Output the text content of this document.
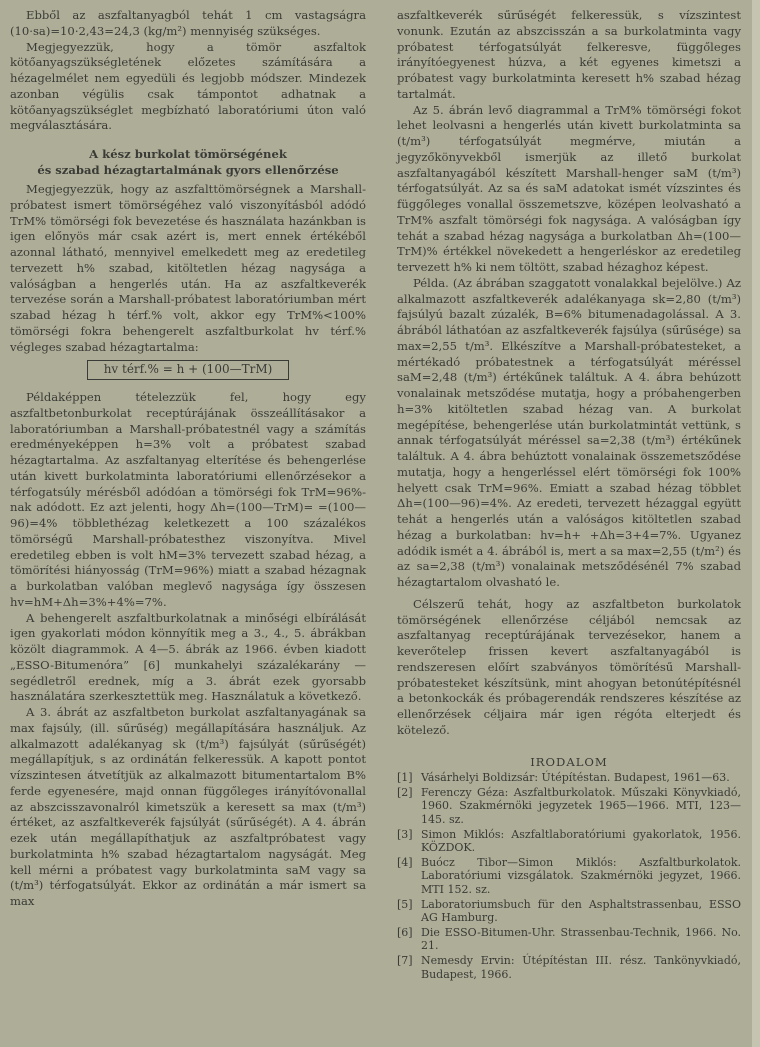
Ebből az aszfaltanyagból tehát 1 cm vastagságra (10·sa)=10·2,43=24,3 (kg/m²) mennyiség szükséges.

Megjegyezzük, hogy a tömör aszfaltok kötőanyagszükségletének előzetes számítására a hézagelmélet nem egyedüli és legjobb módszer. Mindezek azonban végülis csak támpontot adhatnak a kötőanyagszükséglet megbízható laboratóriumi úton való megválasztására.

A kész burkolat tömörségének
és szabad hézagtartalmának gyors ellenőrzése

Megjegyezzük, hogy az aszfalttömörségnek a Marshall-próbatest ismert tömörségéhez való viszonyításból adódó TrM% tömörségi fok bevezetése és használata hazánkban is igen előnyös már csak azért is, mert ennek értékéből azonnal látható, mennyivel emelkedett meg az eredetileg tervezett h% szabad, kitöltetlen hézag nagysága a valóságban a hengerlés után. Ha az aszfaltkeverék tervezése során a Marshall-próbatest laboratóriumban mért szabad hézag h térf.% volt, akkor egy TrM%<100% tömörségi fokra behengerelt aszfaltburkolat hv térf.% végleges szabad hézagtartalma:

hv térf.% = h + (100—TrM)

Példaképpen tételezzük fel, hogy egy aszfaltbetonburkolat receptúrájának összeállításakor a laboratóriumban a Marshall-próbatestnél vagy a számítás eredményeképpen h=3% volt a próbatest szabad hézagtartalma. Az aszfaltanyag elterítése és behengerlése után kivett burkolatminta laboratóriumi ellenőrzésekor a térfogatsúly mérésből adódóan a tömörségi fok TrM=96%-nak adódott. Ez azt jelenti, hogy Δh=(100—TrM)= =(100—96)=4% többlethézag keletkezett a 100 százalékos tömörségű Marshall-próbatesthez viszonyítva. Mivel eredetileg ebben is volt hM=3% tervezett szabad hézag, a tömörítési hiányosság (TrM=96%) miatt a szabad hézagnak a burkolatban valóban meglevő nagysága így összesen hv=hM+Δh=3%+4%=7%.

A behengerelt aszfaltburkolatnak a minőségi elbírálását igen gyakorlati módon könnyítik meg a 3., 4., 5. ábrákban közölt diagrammok. A 4—5. ábrák az 1966. évben kiadott „ESSO-Bitumenóra” [6] munkahelyi százalékarány — segédletről erednek, míg a 3. ábrát ezek gyorsabb használatára szerkesztettük meg. Használatuk a következő.

A 3. ábrát az aszfaltbeton burkolat aszfaltanyagának sa max fajsúly, (ill. sűrűség) megállapítására használjuk. Az alkalmazott adalékanyag sk (t/m³) fajsúlyát (sűrűségét) megállapítjuk, s az ordinátán felkeressük. A kapott pontot vízszintesen átvetítjük az alkalmazott bitumentartalom B% ferde egyenesére, majd onnan függőleges irányítóvonallal az abszcisszavonalról kimetszük a keresett sa max (t/m³) értéket, az aszfaltkeverék fajsúlyát (sűrűségét). A 4. ábrán ezek után megállapíthatjuk az aszfaltpróbatest vagy burkolatminta h% szabad hézagtartalom nagyságát. Meg kell mérni a próbatest vagy burkolatminta saM vagy sa (t/m³) térfogatsúlyát. Ekkor az ordinátán a már ismert sa max

aszfaltkeverék sűrűségét felkeressük, s vízszintest vonunk. Ezután az abszcisszán a sa burkolatminta vagy próbatest térfogatsúlyát felkeresve, függőleges irányítóegyenest húzva, a két egyenes kimetszi a próbatest vagy burkolatminta keresett h% szabad hézag tartalmát.

Az 5. ábrán levő diagrammal a TrM% tömörségi fokot lehet leolvasni a hengerlés után kivett burkolatminta sa (t/m³) térfogatsúlyát megmérve, miután a jegyzőkönyvekből ismerjük az illető burkolat aszfaltanyagából készített Marshall-henger saM (t/m³) térfogatsúlyát. Az sa és saM adatokat ismét vízszintes és függőleges vonallal összemetszve, középen leolvasható a TrM% aszfalt tömörségi fok nagysága. A valóságban így tehát a szabad hézag nagysága a burkolatban Δh=(100—TrM)% értékkel növekedett a hengerléskor az eredetileg tervezett h% ki nem töltött, szabad hézaghoz képest.

Példa. (Az ábrában szaggatott vonalakkal bejelölve.) Az alkalmazott aszfaltkeverék adalékanyaga sk=2,80 (t/m³) fajsúlyú bazalt zúzalék, B=6% bitumenadagolással. A 3. ábrából láthatóan az aszfaltkeverék fajsúlya (sűrűsége) sa max=2,55 t/m³. Elkészítve a Marshall-próbatesteket, a mértékadó próbatestnek a térfogatsúlyát méréssel saM=2,48 (t/m³) értékűnek találtuk. A 4. ábra behúzott vonalainak metsződése mutatja, hogy a próbahengerben h=3% kitöltetlen szabad hézag van. A burkolat megépítése, behengerlése után burkolatmintát vettünk, s annak térfogatsúlyát méréssel sa=2,38 (t/m³) értékűnek találtuk. A 4. ábra behúztott vonalainak összemetsződése mutatja, hogy a hengerléssel elért tömörségi fok 100% helyett csak TrM=96%. Emiatt a szabad hézag többlet Δh=(100—96)=4%. Az eredeti, tervezett hézaggal együtt tehát a hengerlés után a valóságos kitöltetlen szabad hézag a burkolatban: hv=h+ +Δh=3+4=7%. Ugyanez adódik ismét a 4. ábrából is, mert a sa max=2,55 (t/m²) és az sa=2,38 (t/m³) vonalainak metsződésénél 7% szabad hézagtartalom olvasható le.

Célszerű tehát, hogy az aszfaltbeton burkolatok tömörségének ellenőrzése céljából nemcsak az aszfaltanyag receptúrájának tervezésekor, hanem a keverőtelep frissen kevert aszfaltanyagából is rendszeresen előírt szabványos tömörítésű Marshall-próbatesteket készítsünk, mint ahogyan betonútépítésnél a betonkockák és próbagerendák rendszeres készítése az ellenőrzések céljaira már igen régóta elterjedt és kötelező.

IRODALOM
[1] Vásárhelyi Boldizsár: Útépítéstan. Budapest, 1961—63.
[2] Ferenczy Géza: Aszfaltburkolatok. Műszaki Könyvkiadó, 1960. Szakmérnöki jegyzetek 1965—1966. MTI, 123—145. sz.
[3] Simon Miklós: Aszfaltlaboratóriumi gyakorlatok, 1956. KÖZDOK.
[4] Buócz Tibor—Simon Miklós: Aszfaltburkolatok. Laboratóriumi vizsgálatok. Szakmérnöki jegyzet, 1966. MTI 152. sz.
[5] Laboratoriumsbuch für den Asphaltstrassenbau, ESSO AG Hamburg.
[6] Die ESSO-Bitumen-Uhr. Strassenbau-Technik, 1966. No. 21.
[7] Nemesdy Ervin: Útépítéstan III. rész. Tankönyvkiadó, Budapest, 1966.
